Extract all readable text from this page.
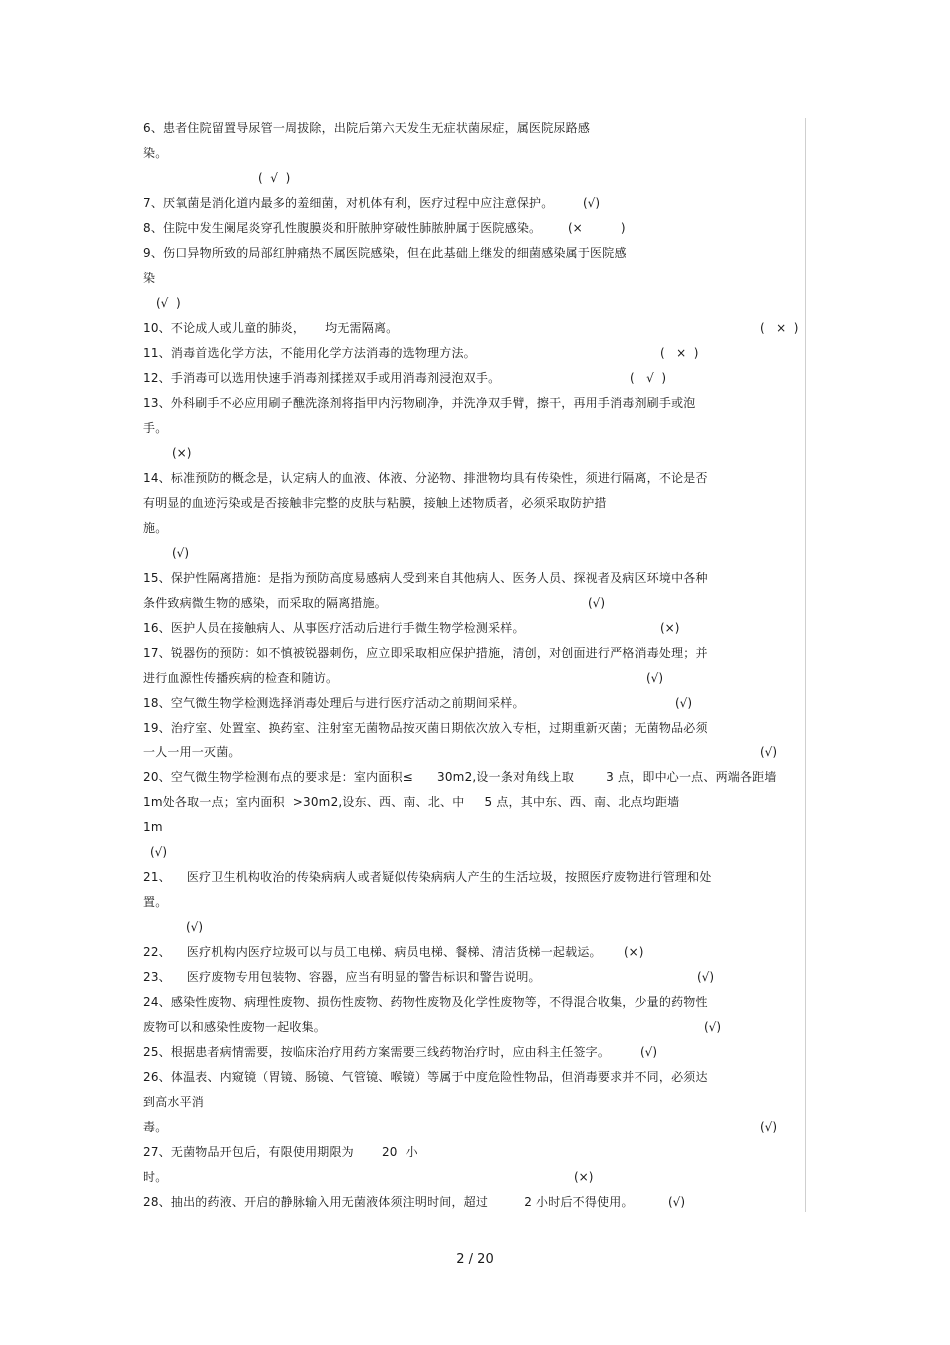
6、患者住院留置导尿管一周拔除，出院后第六天发生无症状菌尿症，属医院尿路感
染。
(  √  )
7、厌氧菌是消化道内最多的羞细菌，对机体有利，医疗过程中应注意保护。 (√)
8、住院中发生阑尾炎穿孔性腹膜炎和肝脓肿穿破性肺脓肿属于医院感染。 (×          )
9、伤口异物所致的局部红肿痛热不属医院感染，但在此基础上继发的细菌感染属于医院感
染
(√  )
10、不论成人或儿童的肺炎，     均无需隔离。	(   ×  )
11、消毒首选化学方法，不能用化学方法消毒的选物理方法。	(   ×  )
12、手消毒可以选用快速手消毒剂揉搓双手或用消毒剂浸泡双手。	(   √  )
13、外科刷手不必应用刷子醮洗涤剂将指甲内污物刷净，并洗净双手臂，擦干，再用手消毒剂刷手或泡
手。
(×)
14、标准预防的概念是，认定病人的血液、体液、分泌物、排泄物均具有传染性，须进行隔离，不论是否
有明显的血迹污染或是否接触非完整的皮肤与粘膜，接触上述物质者，必须采取防护措
施。
(√)
15、保护性隔离措施：是指为预防高度易感病人受到来自其他病人、医务人员、探视者及病区环境中各种
条件致病微生物的感染，而采取的隔离措施。	(√)
16、医护人员在接触病人、从事医疗活动后进行手微生物学检测采样。	(×)
17、锐器伤的预防：如不慎被锐器刺伤，应立即采取相应保护措施，清创，对创面进行严格消毒处理；并
进行血源性传播疾病的检查和随访。	(√)
18、空气微生物学检测选择消毒处理后与进行医疗活动之前期间采样。	(√)
19、治疗室、处置室、换药室、注射室无菌物品按灭菌日期依次放入专柜，过期重新灭菌；无菌物品必须
一人一用一灭菌。	(√)
20、空气微生物学检测布点的要求是：室内面积≤      30m2,设一条对角线上取        3 点，即中心一点、两端各距墙
1m处各取一点；室内面积  >30m2,设东、西、南、北、中     5 点，其中东、西、南、北点均距墙
1m
(√)
21、    医疗卫生机构收治的传染病病人或者疑似传染病病人产生的生活垃圾，按照医疗废物进行管理和处
置。
(√)
22、    医疗机构内医疗垃圾可以与员工电梯、病员电梯、餐梯、清洁货梯一起载运。 (×)
23、    医疗废物专用包装物、容器，应当有明显的警告标识和警告说明。	(√)
24、感染性废物、病理性废物、损伤性废物、药物性废物及化学性废物等，不得混合收集，少量的药物性
废物可以和感染性废物一起收集。	(√)
25、根据患者病情需要，按临床治疗用药方案需要三线药物治疗时，应由科主任签字。 (√)
26、体温表、内窥镜（胃镜、肠镜、气管镜、喉镜）等属于中度危险性物品，但消毒要求并不同，必须达
到高水平消
毒。	(√)
27、无菌物品开包后，有限使用期限为       20  小
时。	(×)
28、抽出的药液、开启的静脉输入用无菌液体须注明时间，超过         2 小时后不得使用。	(√)
2 / 20
